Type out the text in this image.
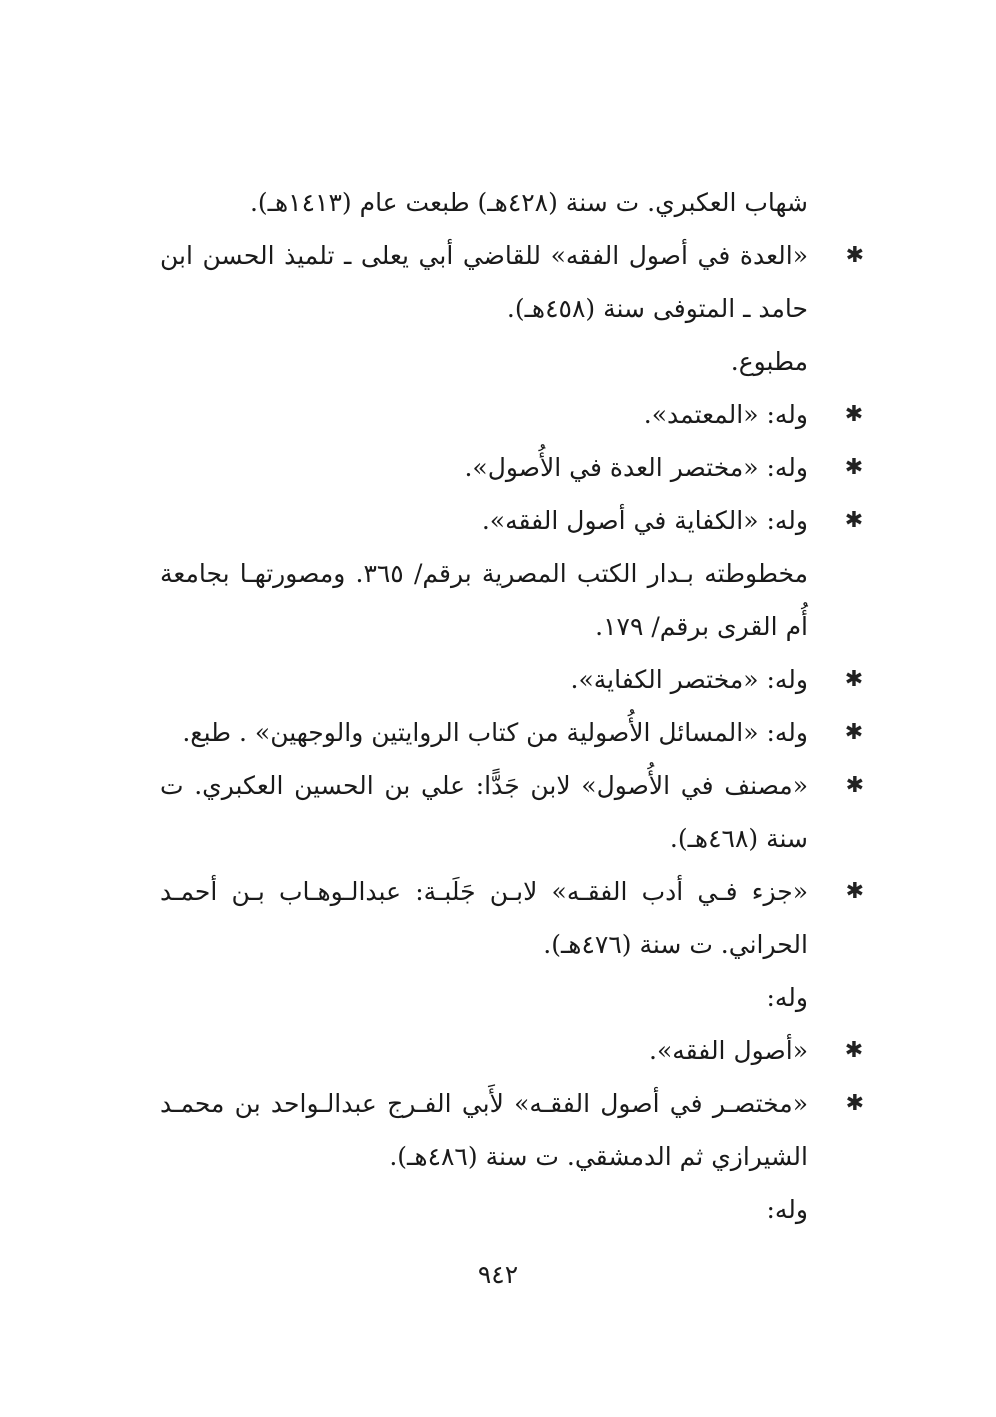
شهاب العكبري. ت سنة (٤٢٨هـ) طبعت عام (١٤١٣هـ).
✱
«العدة في أصول الفقه» للقاضي أبي يعلى ـ تلميذ الحسن ابن
حامد ـ المتوفى سنة (٤٥٨هـ).
مطبوع.
✱
وله: «المعتمد».
✱
وله: «مختصر العدة في الأُصول».
✱
وله: «الكفاية في أصول الفقه».
مخطوطته بـدار الكتب المصرية برقم/ ٣٦٥. ومصورتهـا بجامعة
أُم القرى برقم/ ١٧٩.
✱
وله: «مختصر الكفاية».
✱
وله: «المسائل الأُصولية من كتاب الروايتين والوجهين» . طبع.
✱
«مصنف في الأُصول» لابن جَدًّا: علي بن الحسين العكبري. ت
سنة (٤٦٨هـ).
✱
«جزء فـي أدب الفقـه» لابـن جَلَبـة: عبدالـوهـاب بـن أحمـد
الحراني. ت سنة (٤٧٦هـ).
وله:
✱
«أصول الفقه».
✱
«مختصـر في أصول الفقـه» لأَبي الفـرج عبدالـواحد بن محمـد
الشيرازي ثم الدمشقي. ت سنة (٤٨٦هـ).
وله:
٩٤٢
